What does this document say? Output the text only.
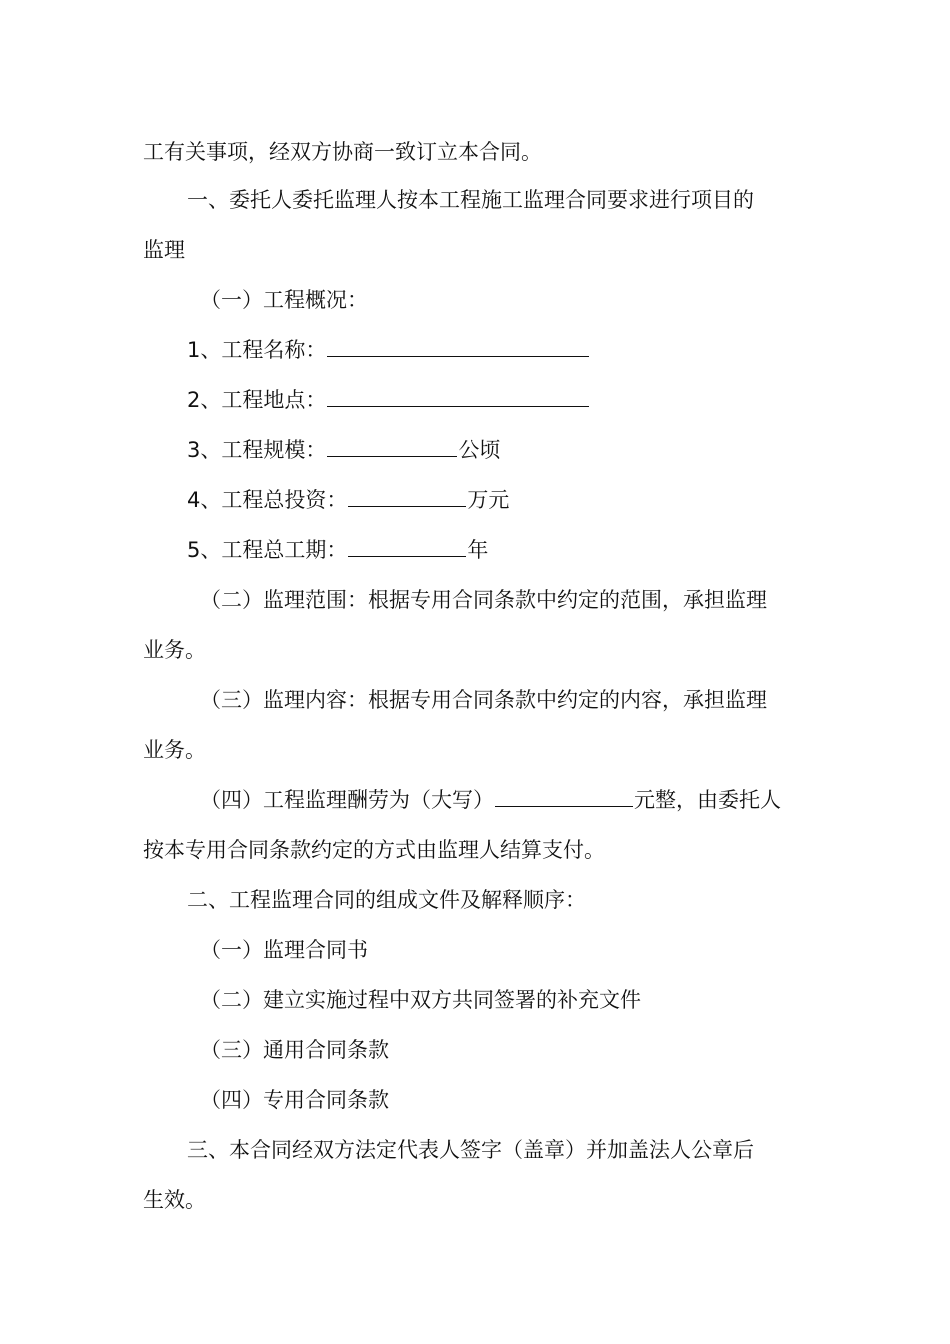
工有关事项，经双方协商一致订立本合同。
一、委托人委托监理人按本工程施工监理合同要求进行项目的
监理
（一）工程概况：
1、工程名称：
2、工程地点：
3、工程规模：	公顷
4、工程总投资：	万元
5、工程总工期：	年
（二）监理范围：根据专用合同条款中约定的范围，承担监理
业务。
（三）监理内容：根据专用合同条款中约定的内容，承担监理
业务。
（四）工程监理酬劳为（大写）	元整，由委托人
按本专用合同条款约定的方式由监理人结算支付。
二、工程监理合同的组成文件及解释顺序：
（一）监理合同书
（二）建立实施过程中双方共同签署的补充文件
（三）通用合同条款
（四）专用合同条款
三、本合同经双方法定代表人签字（盖章）并加盖法人公章后
生效。
